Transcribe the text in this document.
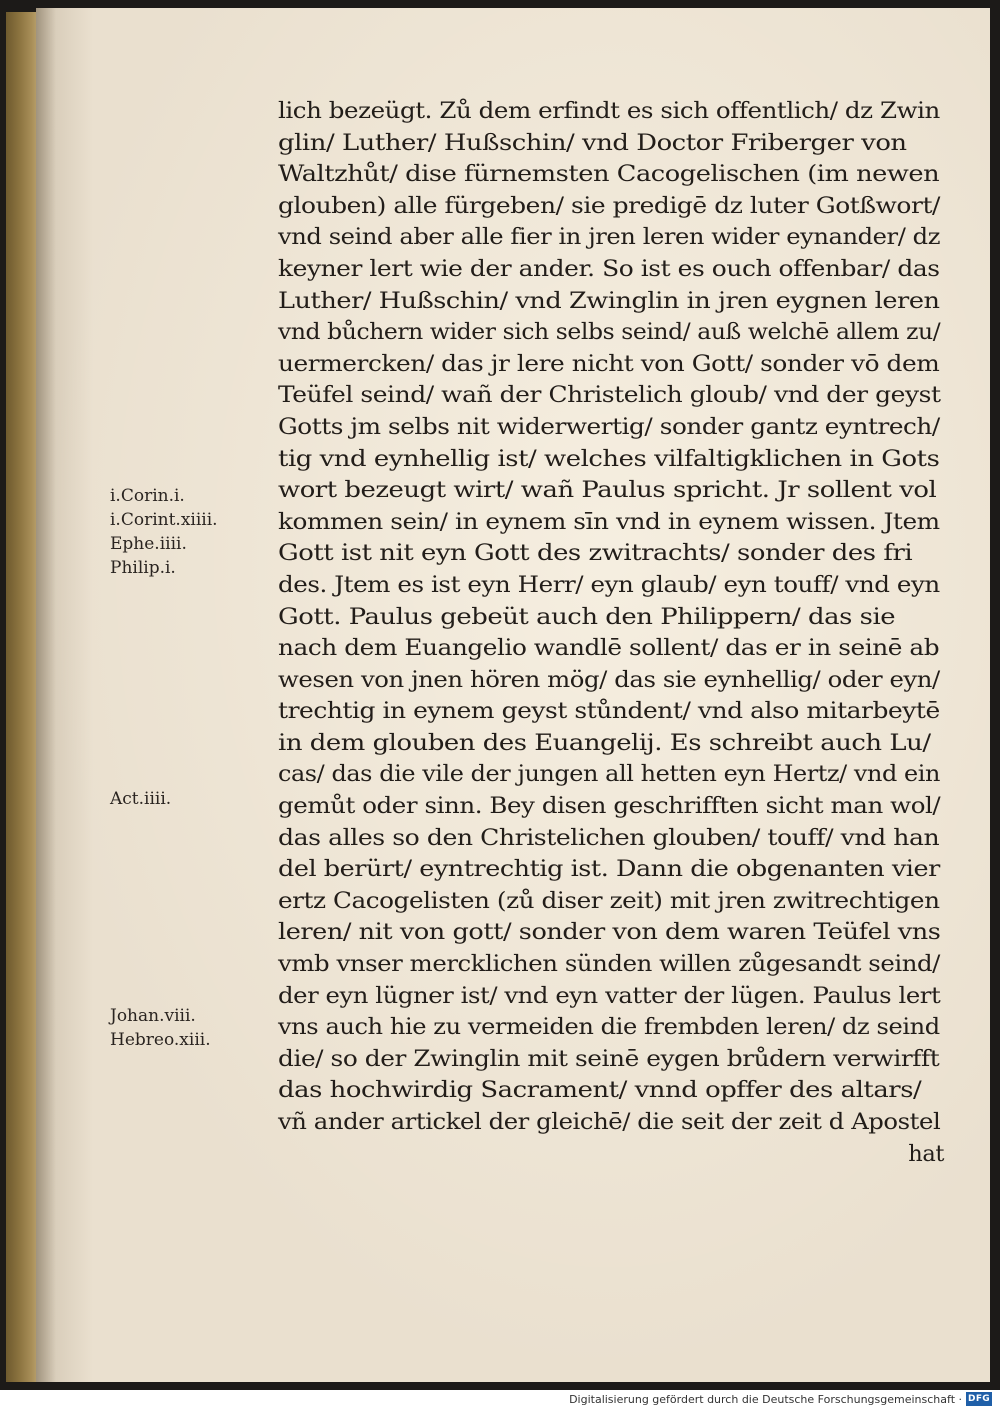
lich bezeügt. Zů dem erfindt es sich offentlich/ dz Zwin
glin/ Luther/ Hußschin/ vnd Doctor Friberger von
Waltzhůt/ dise fürnemsten Cacogelischen (im newen
glouben) alle fürgeben/ sie predigē dz luter Gotßwort/
vnd seind aber alle fier in jren leren wider eynander/ dz
keyner lert wie der ander. So ist es ouch offenbar/ das
Luther/ Hußschin/ vnd Zwinglin in jren eygnen leren
vnd bůchern wider sich selbs seind/ auß welchē allem zu/
uermercken/ das jr lere nicht von Gott/ sonder vō dem
Teüfel seind/ wañ der Christelich gloub/ vnd der geyst
Gotts jm selbs nit widerwertig/ sonder gantz eyntrech/
tig vnd eynhellig ist/ welches vilfaltigklichen in Gots
wort bezeugt wirt/ wañ Paulus spricht. Jr sollent vol
kommen sein/ in eynem sīn vnd in eynem wissen. Jtem
Gott ist nit eyn Gott des zwitrachts/ sonder des fri
des. Jtem es ist eyn Herr/ eyn glaub/ eyn touff/ vnd eyn
Gott. Paulus gebeüt auch den Philippern/ das sie
nach dem Euangelio wandlē sollent/ das er in seinē ab
wesen von jnen hören mög/ das sie eynhellig/ oder eyn/
trechtig in eynem geyst stůndent/ vnd also mitarbeytē
in dem glouben des Euangelij. Es schreibt auch Lu/
cas/ das die vile der jungen all hetten eyn Hertz/ vnd ein
gemůt oder sinn. Bey disen geschrifften sicht man wol/
das alles so den Christelichen glouben/ touff/ vnd han
del berürt/ eyntrechtig ist. Dann die obgenanten vier
ertz Cacogelisten (zů diser zeit) mit jren zwitrechtigen
leren/ nit von gott/ sonder von dem waren Teüfel vns
vmb vnser mercklichen sünden willen zůgesandt seind/
der eyn lügner ist/ vnd eyn vatter der lügen. Paulus lert
vns auch hie zu vermeiden die frembden leren/ dz seind
die/ so der Zwinglin mit seinē eygen brůdern verwirfft
das hochwirdig Sacrament/ vnnd opffer des altars/
vñ ander artickel der gleichē/ die seit der zeit d Apostel
hat
i.Corin.i.
i.Corint.xiiii.
Ephe.iiii.
Philip.i.
Act.iiii.
Johan.viii.
Hebreo.xiii.
Digitalisierung gefördert durch die Deutsche Forschungsgemeinschaft · DFG
